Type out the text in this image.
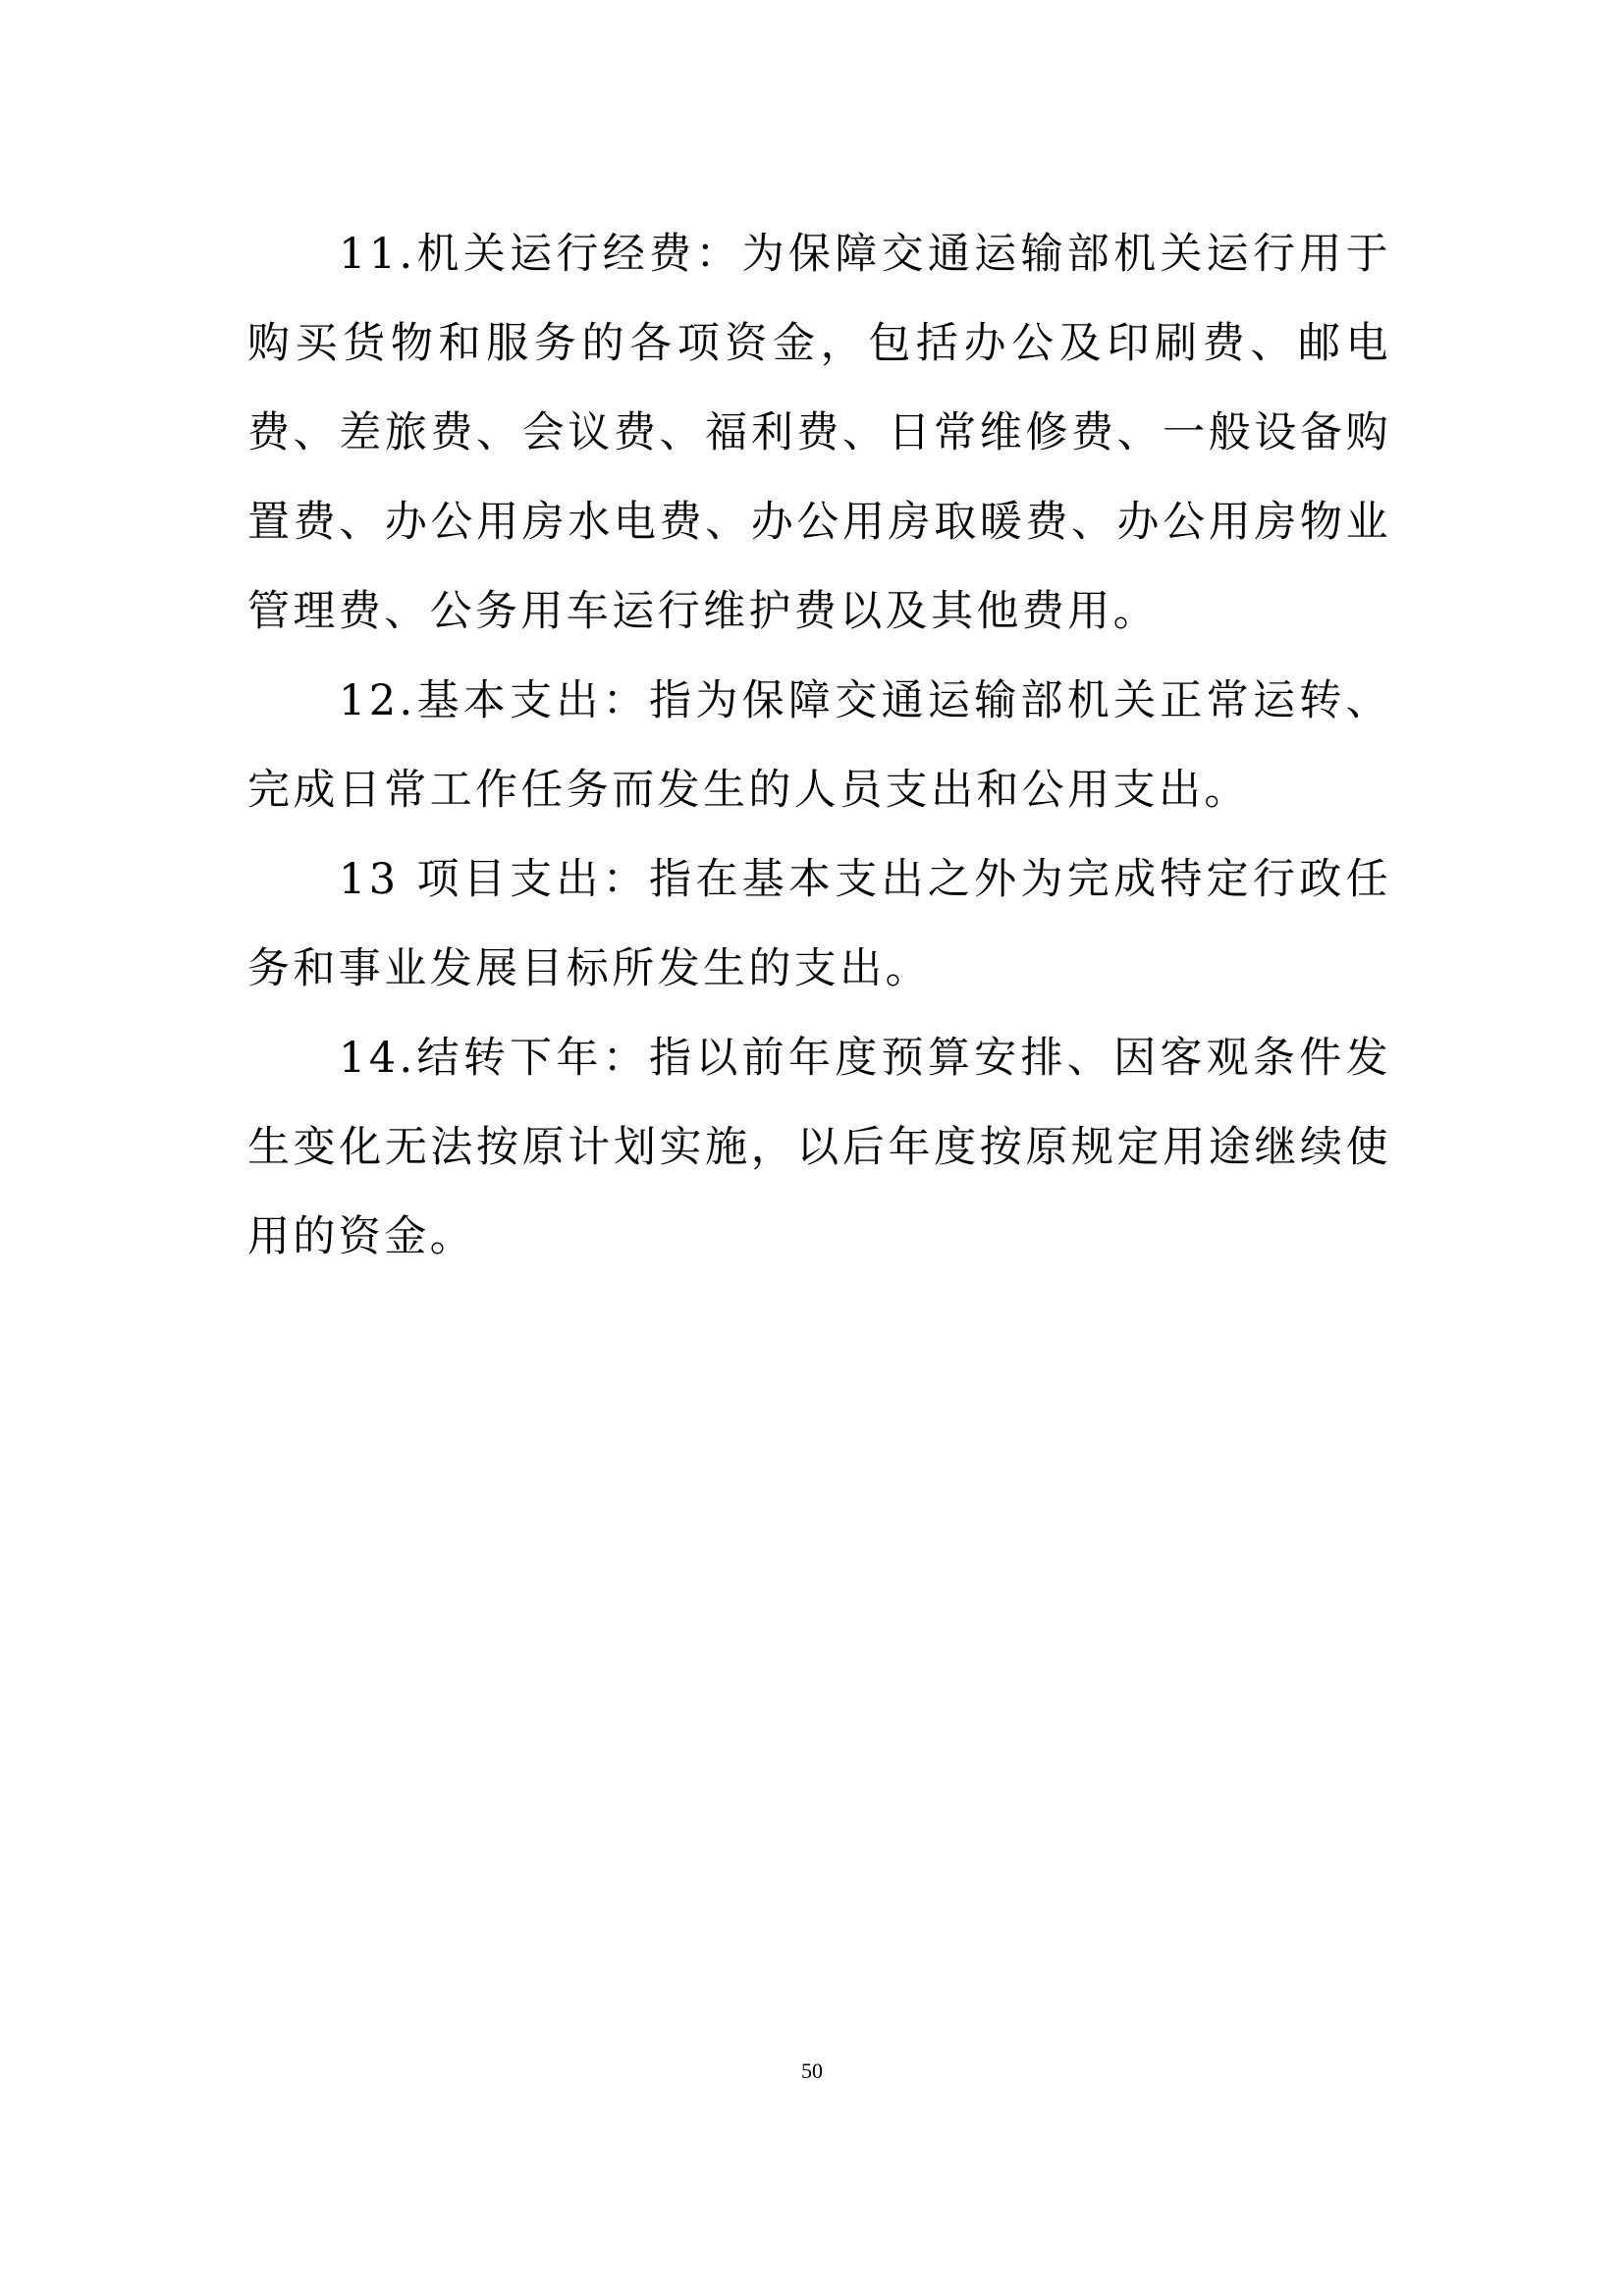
11.机关运行经费：为保障交通运输部机关运行用于购买货物和服务的各项资金，包括办公及印刷费、邮电费、差旅费、会议费、福利费、日常维修费、一般设备购置费、办公用房水电费、办公用房取暖费、办公用房物业管理费、公务用车运行维护费以及其他费用。

12.基本支出：指为保障交通运输部机关正常运转、完成日常工作任务而发生的人员支出和公用支出。

13 项目支出：指在基本支出之外为完成特定行政任务和事业发展目标所发生的支出。

14.结转下年：指以前年度预算安排、因客观条件发生变化无法按原计划实施，以后年度按原规定用途继续使用的资金。

50
